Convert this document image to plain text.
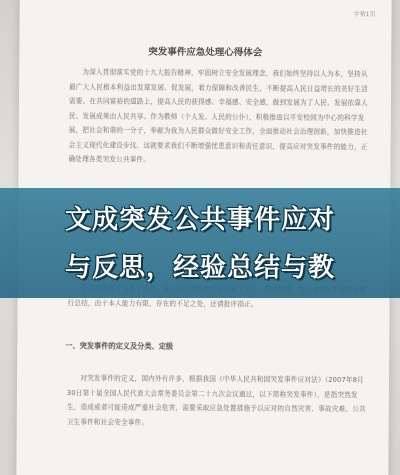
字第1页
突发事件应急处理心得体会
为深入贯彻落实党的十九大报告精神，牢固树立安全发展理念，我们始终坚持以人为本，坚持从最广大人民根本利益出发谋发展、促发展，着力保障和改善民生，不断提高人民日益增长的美好生活需要。在共同富裕的道路上，提高人民的获得感、幸福感、安全感，做到发展为了人民、发展依靠人民、发展成果由人民共享。作为教师（个人发、人民的公仆），积极推进以平安校园为中心的科学发展，把社会和谐的一分子，奉献为我为人民群众做好安全工作，全面推动社会治理创新，加快推进社会主义现代化建设步伐。这就要求我们不断增强忧患意识和责任意识，提高应对突发事件的能力，正确处理各类突发公共事件。
学习的内容分为多个部分，在工作之余我也主动开展了学习，积极思考，结合本地区实际情况进行总结，由于本人能力有限，存在的不足之处，还请批评指正。
一、突发事件的定义及分类、定级
对突发事件的定义，国内外有许多，根据我国《中华人民共和国突发事件应对法》（2007年8月30日第十届全国人民代表大会常务委员会第二十九次会议通过，以下简称突发事件），是指突然发生，造成或者可能造成严重社会危害，需要采取应急处置措施予以应对的自然灾害、事故灾难、公共卫生事件和社会安全事件。
文成突发公共事件应对
与反思，经验总结与教
